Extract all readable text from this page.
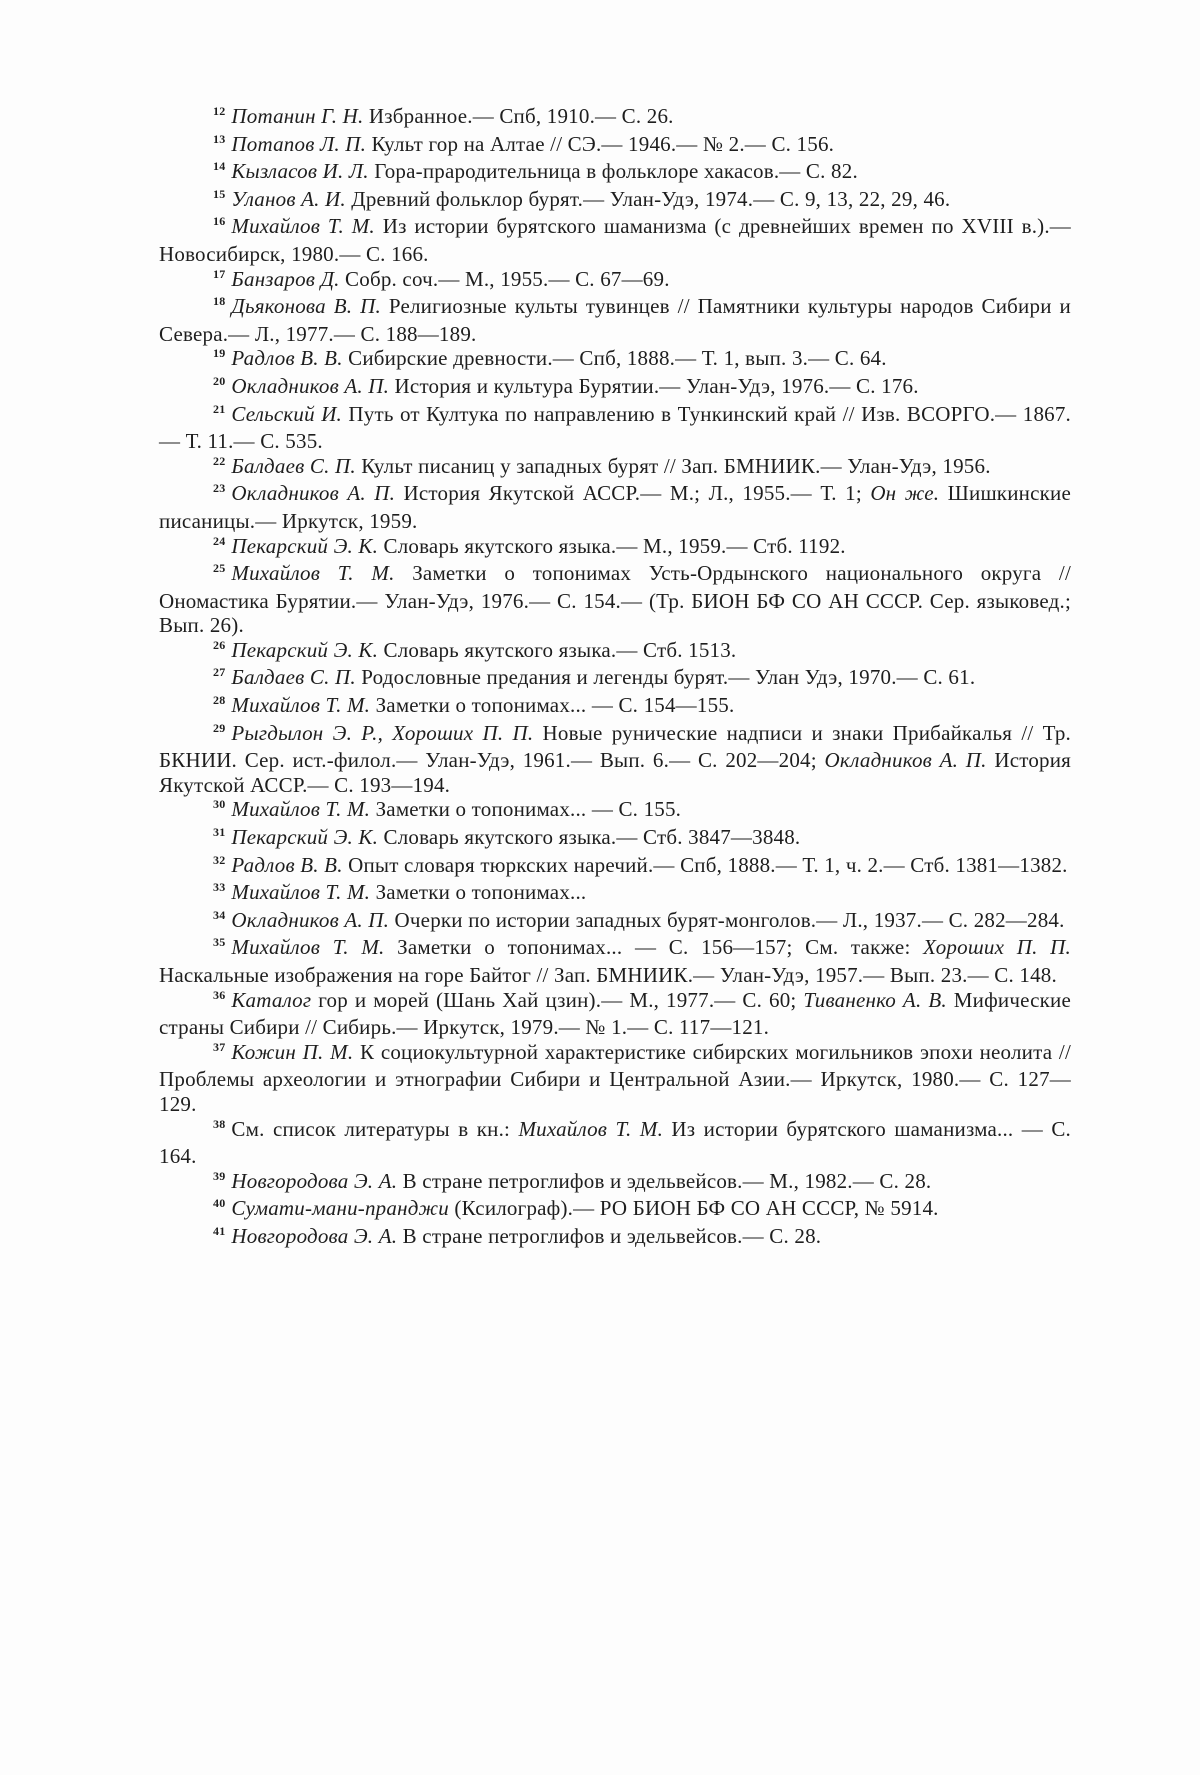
$^{12}$ Потанин Г. Н. Избранное.— Спб, 1910.— С. 26.

$^{13}$ Потапов Л. П. Культ гор на Алтае // СЭ.— 1946.— № 2.— С. 156.

$^{14}$ Кызласов И. Л. Гора-прародительница в фольклоре хакасов.— С. 82.

$^{15}$ Уланов А. И. Древний фольклор бурят.— Улан-Удэ, 1974.— С. 9, 13, 22, 29, 46.

$^{16}$ Михайлов Т. М. Из истории бурятского шаманизма (с древнейших времен по XVIII в.).— Новосибирск, 1980.— С. 166.

$^{17}$ Банзаров Д. Собр. соч.— М., 1955.— С. 67—69.

$^{18}$ Дьяконова В. П. Религиозные культы тувинцев // Памятники культуры народов Сибири и Севера.— Л., 1977.— С. 188—189.

$^{19}$ Радлов В. В. Сибирские древности.— Спб, 1888.— Т. 1, вып. 3.— С. 64.

$^{20}$ Окладников А. П. История и культура Бурятии.— Улан-Удэ, 1976.— С. 176.

$^{21}$ Сельский И. Путь от Култука по направлению в Тункинский край // Изв. ВСОРГО.— 1867.— Т. 11.— С. 535.

$^{22}$ Балдаев С. П. Культ писаниц у западных бурят // Зап. БМНИИК.— Улан-Удэ, 1956.

$^{23}$ Окладников А. П. История Якутской АССР.— М.; Л., 1955.— Т. 1; Он же. Шишкинские писаницы.— Иркутск, 1959.

$^{24}$ Пекарский Э. К. Словарь якутского языка.— М., 1959.— Стб. 1192.

$^{25}$ Михайлов Т. М. Заметки о топонимах Усть-Ордынского национального округа // Ономастика Бурятии.— Улан-Удэ, 1976.— С. 154.— (Тр. БИОН БФ СО АН СССР. Сер. языковед.; Вып. 26).

$^{26}$ Пекарский Э. К. Словарь якутского языка.— Стб. 1513.

$^{27}$ Балдаев С. П. Родословные предания и легенды бурят.— Улан Удэ, 1970.— С. 61.

$^{28}$ Михайлов Т. М. Заметки о топонимах... — С. 154—155.

$^{29}$ Рыгдылон Э. Р., Хороших П. П. Новые рунические надписи и знаки Прибайкалья // Тр. БКНИИ. Сер. ист.-филол.— Улан-Удэ, 1961.— Вып. 6.— С. 202—204; Окладников А. П. История Якутской АССР.— С. 193—194.

$^{30}$ Михайлов Т. М. Заметки о топонимах... — С. 155.

$^{31}$ Пекарский Э. К. Словарь якутского языка.— Стб. 3847—3848.

$^{32}$ Радлов В. В. Опыт словаря тюркских наречий.— Спб, 1888.— Т. 1, ч. 2.— Стб. 1381—1382.

$^{33}$ Михайлов Т. М. Заметки о топонимах...

$^{34}$ Окладников А. П. Очерки по истории западных бурят-монголов.— Л., 1937.— С. 282—284.

$^{35}$ Михайлов Т. М. Заметки о топонимах... — С. 156—157; См. также: Хороших П. П. Наскальные изображения на горе Байтог // Зап. БМНИИК.— Улан-Удэ, 1957.— Вып. 23.— С. 148.

$^{36}$ Каталог гор и морей (Шань Хай цзин).— М., 1977.— С. 60; Тиваненко А. В. Мифические страны Сибири // Сибирь.— Иркутск, 1979.— № 1.— С. 117—121.

$^{37}$ Кожин П. М. К социокультурной характеристике сибирских могильников эпохи неолита // Проблемы археологии и этнографии Сибири и Центральной Азии.— Иркутск, 1980.— С. 127—129.

$^{38}$ См. список литературы в кн.: Михайлов Т. М. Из истории бурятского шаманизма... — С. 164.

$^{39}$ Новгородова Э. А. В стране петроглифов и эдельвейсов.— М., 1982.— С. 28.

$^{40}$ Сумати-мани-пранджи (Ксилограф).— РО БИОН БФ СО АН СССР, № 5914.

$^{41}$ Новгородова Э. А. В стране петроглифов и эдельвейсов.— С. 28.
